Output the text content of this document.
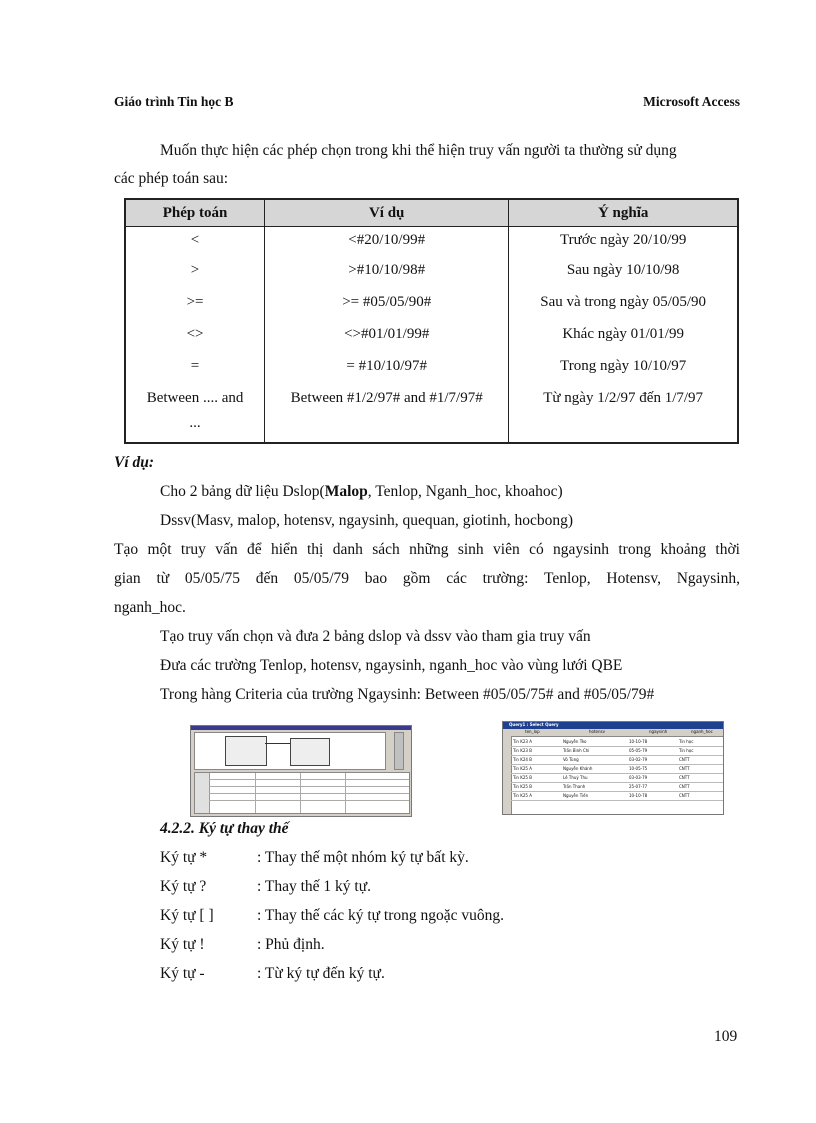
Giáo trình Tin học B	Microsoft Access
Muốn thực hiện các phép chọn trong khi thể hiện truy vấn người ta thường sử dụng
các phép toán sau:
Phép toán	Ví dụ	Ý nghĩa
<	<#20/10/99#	Trước ngày 20/10/99
>	>#10/10/98#	Sau ngày 10/10/98
>=	>= #05/05/90#	Sau và trong ngày 05/05/90
<>	<>#01/01/99#	Khác ngày 01/01/99
=	= #10/10/97#	Trong ngày 10/10/97

Between .... and
...	Between #1/2/97# and #1/7/97#	Từ ngày 1/2/97 đến 1/7/97
Ví dụ:
Cho 2 bảng dữ liệu Dslop(Malop, Tenlop, Nganh_hoc, khoahoc)
Dssv(Masv, malop, hotensv, ngaysinh, quequan, giotinh, hocbong)
Tạo một truy vấn để hiển thị danh sách những sinh viên có ngaysinh trong khoảng thời
gian từ 05/05/75 đến 05/05/79 bao gồm các trường: Tenlop, Hotensv, Ngaysinh,
nganh_hoc.
Tạo truy vấn chọn và đưa 2 bảng dslop và dssv vào tham gia truy vấn
Đưa các trường Tenlop, hotensv, ngaysinh, nganh_hoc vào vùng lưới QBE
Trong hàng Criteria của trường Ngaysinh: Between #05/05/75# and #05/05/79#
Query1 : Select Query
ten_lop	hotensv	ngaysinh	nganh_hoc
Tin K23 A	Nguyễn Tèo	10-10-78	Tin học
Tin K23 B	Trần Bình Chi	05-05-79	Tin học
Tin K24 B	Võ Tùng	03-02-79	CNTT
Tin K25 A	Nguyễn Khánh	10-05-75	CNTT
Tin K25 B	Lê Thuỷ Thu	03-03-79	CNTT
Tin K25 B	Trần Thanh	25-07-77	CNTT
Tin K25 A	Nguyễn Tiến	10-10-78	CNTT
4.2.2. Ký tự thay thế
Ký tự *	: Thay thế một nhóm ký tự bất kỳ.
Ký tự ?	: Thay thế 1 ký tự.
Ký tự [ ]	: Thay thế các ký tự trong ngoặc vuông.
Ký tự !	: Phủ định.
Ký tự -	: Từ ký tự đến ký tự.
109
